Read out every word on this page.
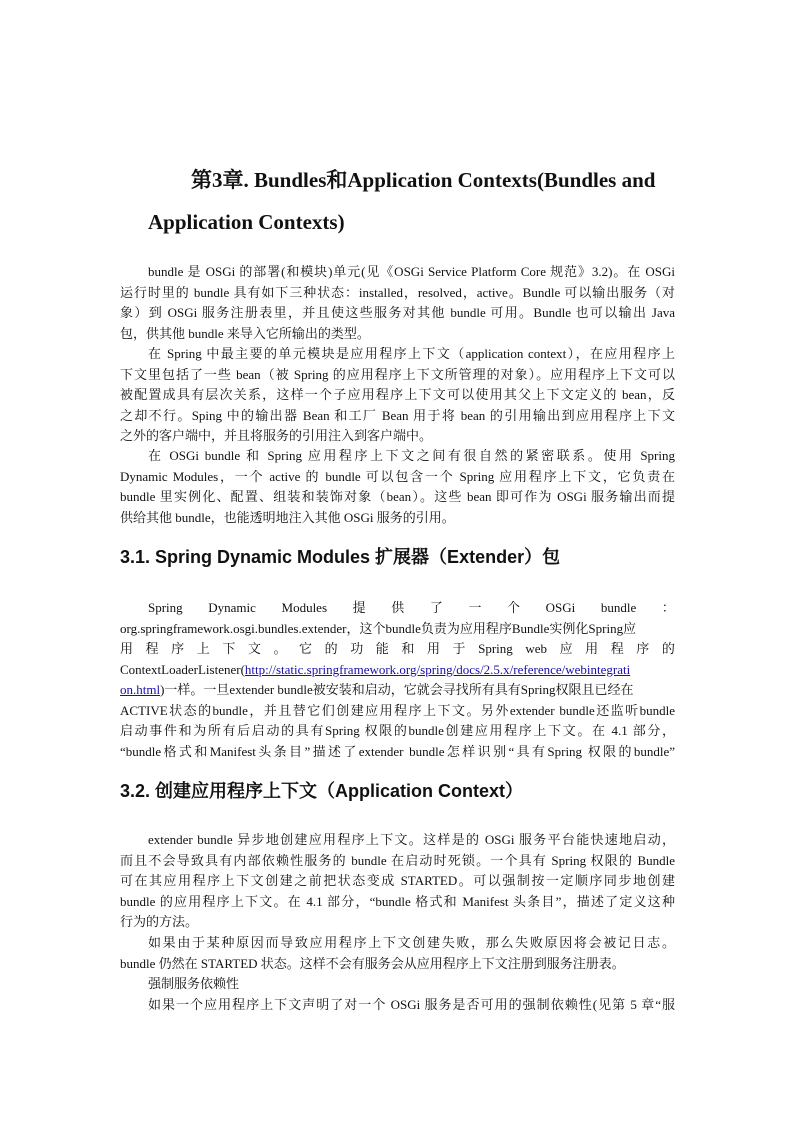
第3章. Bundles和Application Contexts(Bundles and
Application Contexts)
bundle 是 OSGi 的部署(和模块)单元(见《OSGi Service Platform Core 规范》3.2)。在 OSGi
运行时里的 bundle 具有如下三种状态：installed，resolved，active。Bundle 可以输出服务（对
象）到 OSGi 服务注册表里，并且使这些服务对其他 bundle 可用。Bundle 也可以输出 Java
包，供其他 bundle 来导入它所输出的类型。
在 Spring 中最主要的单元模块是应用程序上下文（application context），在应用程序上
下文里包括了一些 bean（被 Spring 的应用程序上下文所管理的对象）。应用程序上下文可以
被配置成具有层次关系，这样一个子应用程序上下文可以使用其父上下文定义的 bean，反
之却不行。Sping 中的输出器 Bean 和工厂 Bean 用于将 bean 的引用输出到应用程序上下文
之外的客户端中，并且将服务的引用注入到客户端中。
在 OSGi bundle 和 Spring 应用程序上下文之间有很自然的紧密联系。使用 Spring
Dynamic Modules，一个 active 的 bundle 可以包含一个 Spring 应用程序上下文，它负责在
bundle 里实例化、配置、组装和装饰对象（bean）。这些 bean 即可作为 OSGi 服务输出而提
供给其他 bundle，也能透明地注入其他 OSGi 服务的引用。
3.1. Spring Dynamic Modules 扩展器（Extender）包
Spring Dynamic Modules 提 供 了 一 个 OSGi bundle ：
org.springframework.osgi.bundles.extender，这个bundle负责为应用程序Bundle实例化Spring应
用 程 序 上 下 文 。 它 的 功 能 和 用 于 Spring web 应 用 程 序 的
ContextLoaderListener(http://static.springframework.org/spring/docs/2.5.x/reference/webintegrati
on.html)一样。一旦extender bundle被安装和启动，它就会寻找所有具有Spring权限且已经在
ACTIVE状态的bundle，并且替它们创建应用程序上下文。另外extender bundle还监听bundle
启动事件和为所有后启动的具有Spring 权限的bundle创建应用程序上下文。在 4.1 部分，
“bundle格式和Manifest头条目”描述了extender bundle怎样识别“具有Spring 权限的bundle”
3.2. 创建应用程序上下文（Application Context）
extender bundle 异步地创建应用程序上下文。这样是的 OSGi 服务平台能快速地启动，
而且不会导致具有内部依赖性服务的 bundle 在启动时死锁。一个具有 Spring 权限的 Bundle
可在其应用程序上下文创建之前把状态变成 STARTED。可以强制按一定顺序同步地创建
bundle 的应用程序上下文。在 4.1 部分，“bundle 格式和 Manifest 头条目”，描述了定义这种
行为的方法。
如果由于某种原因而导致应用程序上下文创建失败，那么失败原因将会被记日志。
bundle 仍然在 STARTED 状态。这样不会有服务会从应用程序上下文注册到服务注册表。
强制服务依赖性
如果一个应用程序上下文声明了对一个 OSGi 服务是否可用的强制依赖性(见第 5 章“服
